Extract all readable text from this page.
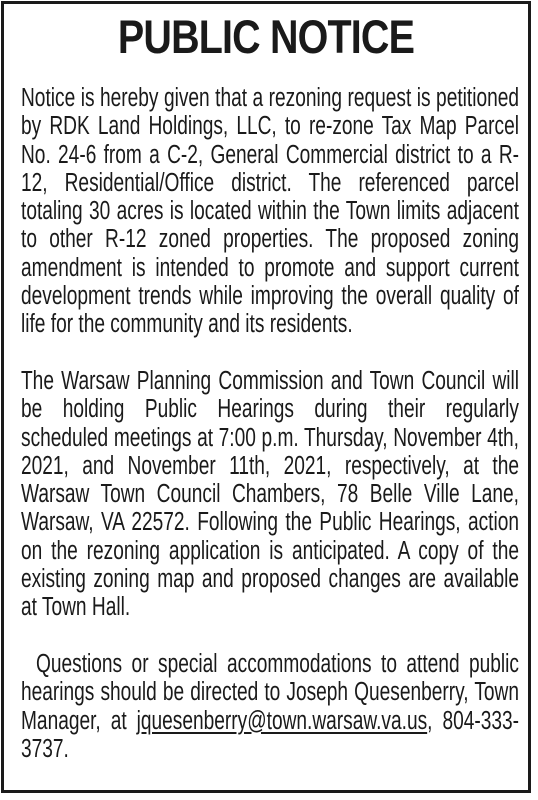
PUBLIC NOTICE

Notice is hereby given that a rezoning request is petitioned by RDK Land Holdings, LLC, to re-zone Tax Map Parcel No. 24-6 from a C-2, General Commercial district to a R-12, Residential/Office district. The referenced parcel totaling 30 acres is located within the Town limits adjacent to other R-12 zoned properties. The proposed zoning amendment is intended to promote and support current development trends while improving the overall quality of life for the community and its residents.

The Warsaw Planning Commission and Town Council will be holding Public Hearings during their regularly scheduled meetings at 7:00 p.m. Thursday, November 4th, 2021, and November 11th, 2021, respectively, at the Warsaw Town Council Chambers, 78 Belle Ville Lane, Warsaw, VA 22572. Following the Public Hearings, action on the rezoning application is anticipated. A copy of the existing zoning map and proposed changes are available at Town Hall.

Questions or special accommodations to attend public hearings should be directed to Joseph Quesenberry, Town Manager, at jquesenberry@town.warsaw.va.us, 804-333-3737.
